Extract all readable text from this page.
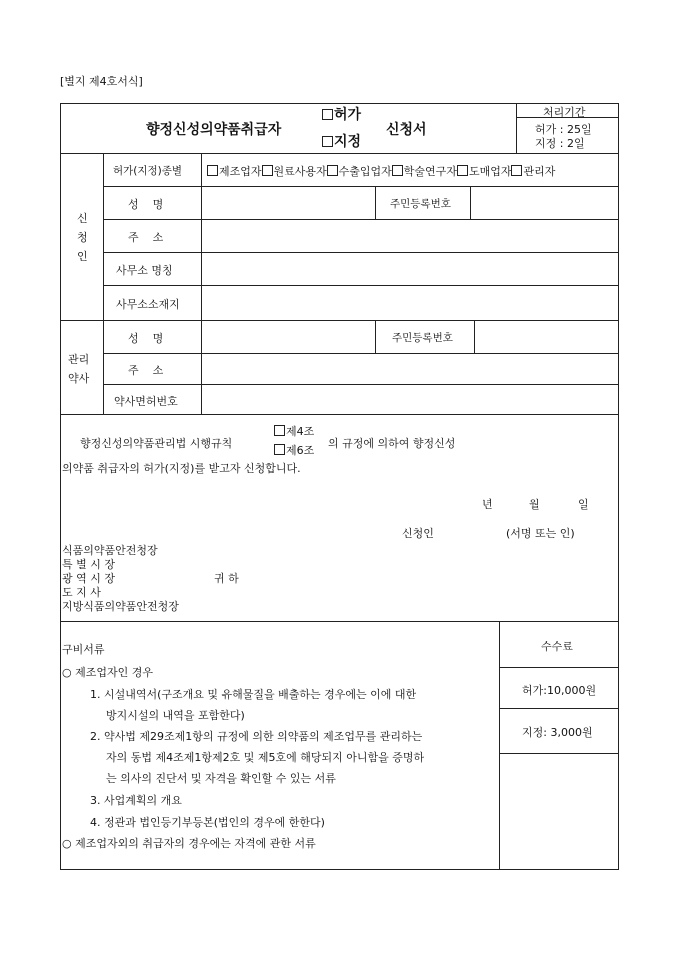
[별지 제4호서식]
향정신성의약품취급자
허가
지정
신청서
처리기간
허가 : 25일
지정 : 2일
신
청
인
허가(지정)종별	제조업자 원료사용자 수출입업자 학술연구자 도매업자 관리자
성    명	주민등록번호
주    소
사무소 명칭
사무소소재지
관리
약사
성    명	주민등록번호
주    소
약사면허번호
향정신성의약품관리법 시행규칙
제4조
제6조
의 규정에 의하여 향정신성
의약품 취급자의 허가(지정)를 받고자 신청합니다.
년	월	일
신청인	(서명 또는 인)
식품의약품안전청장
특 별 시 장
광 역 시 장	귀 하
도 지 사
지방식품의약품안전청장
구비서류
○ 제조업자인 경우
1. 시설내역서(구조개요 및 유해물질을 배출하는 경우에는 이에 대한
방지시설의 내역을 포함한다)
2. 약사법 제29조제1항의 규정에 의한 의약품의 제조업무를 관리하는
자의 동법 제4조제1항제2호 및 제5호에 해당되지 아니함을 증명하
는 의사의 진단서 및 자격을 확인할 수 있는 서류
3. 사업계획의 개요
4. 정관과 법인등기부등본(법인의 경우에 한한다)
○ 제조업자외의 취급자의 경우에는 자격에 관한 서류
수수료
허가:10,000원
지정: 3,000원
